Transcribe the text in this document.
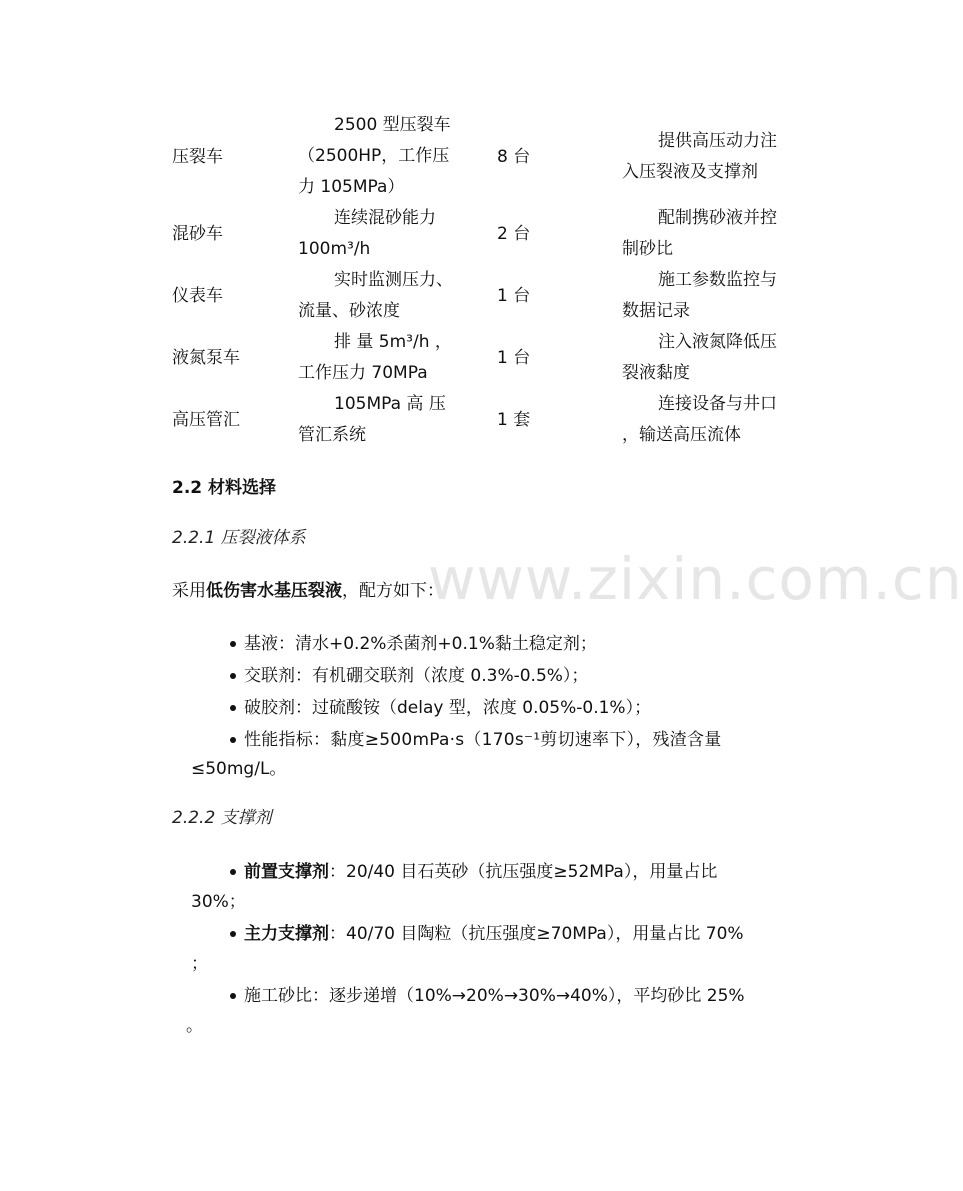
www.zixin.com.cn
压裂车
2500 型压裂车
（2500HP，工作压
力 105MPa）
8 台
提供高压动力注
入压裂液及支撑剂
混砂车
连续混砂能力
100m³/h
2 台
配制携砂液并控
制砂比
仪表车
实时监测压力、
流量、砂浓度
1 台
施工参数监控与
数据记录
液氮泵车
排 量 5m³/h ，
工作压力 70MPa
1 台
注入液氮降低压
裂液黏度
高压管汇
105MPa 高 压
管汇系统
1 套
连接设备与井口
，输送高压流体
2.2 材料选择
2.2.1 压裂液体系
采用低伤害水基压裂液，配方如下：
基液：清水+0.2%杀菌剂+0.1%黏土稳定剂；
交联剂：有机硼交联剂（浓度 0.3%-0.5%）；
破胶剂：过硫酸铵（delay 型，浓度 0.05%-0.1%）；
性能指标：黏度≥500mPa·s（170s⁻¹剪切速率下），残渣含量
≤50mg/L。
2.2.2 支撑剂
前置支撑剂：20/40 目石英砂（抗压强度≥52MPa），用量占比
30%；
主力支撑剂：40/70 目陶粒（抗压强度≥70MPa），用量占比 70%
；
施工砂比：逐步递增（10%→20%→30%→40%），平均砂比 25%
。
